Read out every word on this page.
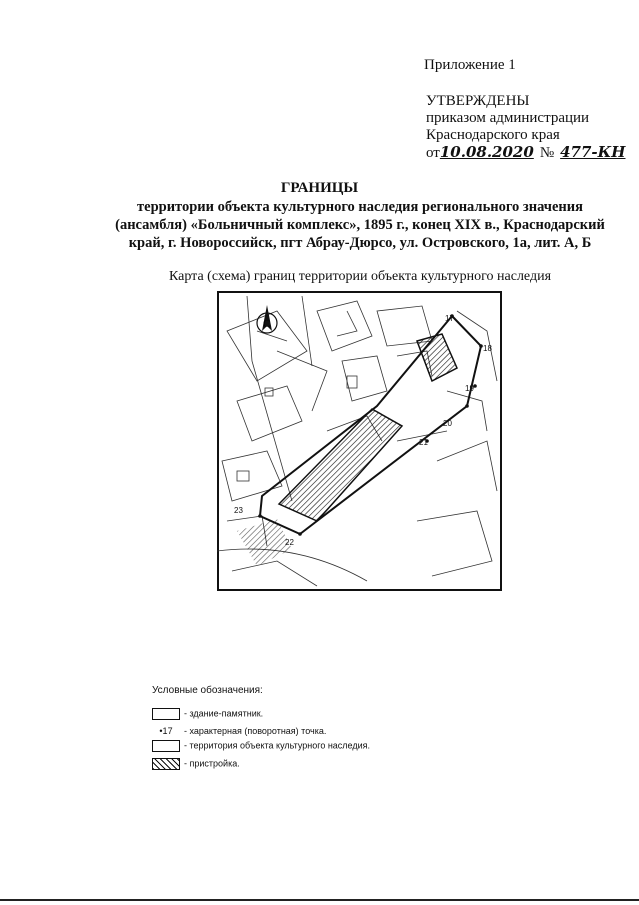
Приложение 1
УТВЕРЖДЕНЫ
приказом администрации
Краснодарского края
от10.08.2020 № 477-КН
ГРАНИЦЫ
территории объекта культурного наследия регионального значения (ансамбля) «Больничный комплекс», 1895 г., конец XIX в., Краснодарский край, г. Новороссийск, пгт Абрау-Дюрсо, ул. Островского, 1а, лит. А, Б
Карта (схема) границ территории объекта культурного наследия
С	17
18
19
20
21
22
23
Условные обозначения:
- здание-памятник.
•17 - характерная (поворотная) точка.
- территория объекта культурного наследия.
- пристройка.
